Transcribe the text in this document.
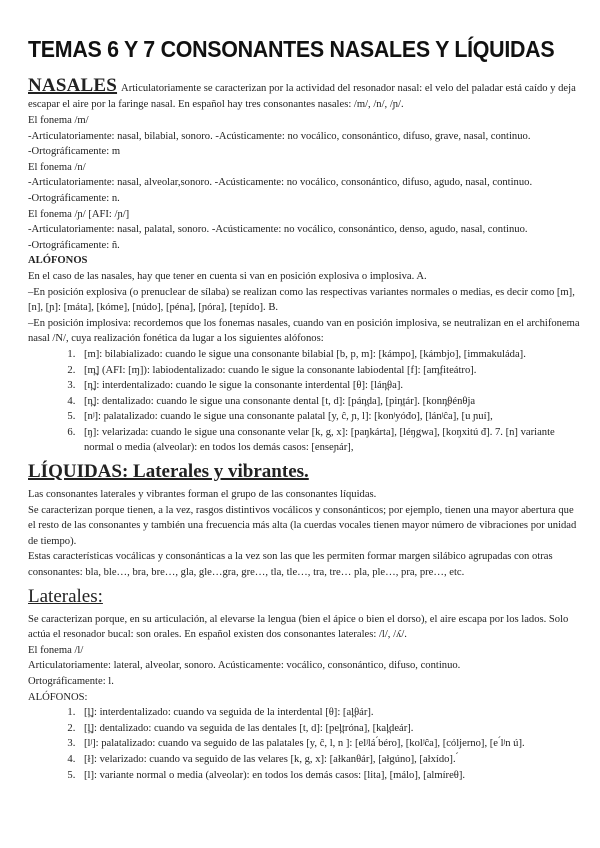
TEMAS 6 Y 7 CONSONANTES NASALES Y LÍQUIDAS

NASALES Articulatoriamente se caracterizan por la actividad del resonador nasal: el velo del paladar está caído y deja escapar el aire por la faringe nasal. En español hay tres consonantes nasales: /m/, /n/, /ɲ/.

El fonema /m/

-Articulatoriamente: nasal, bilabial, sonoro. -Acústicamente: no vocálico, consonántico, difuso, grave, nasal, continuo.

-Ortográficamente: m

El fonema /n/

-Articulatoriamente: nasal, alveolar,sonoro. -Acústicamente: no vocálico, consonántico, difuso, agudo, nasal, continuo.

-Ortográficamente: n.

El fonema /ɲ/ [AFI: /ɲ/]

-Articulatoriamente: nasal, palatal, sonoro. -Acústicamente: no vocálico, consonántico, denso, agudo, nasal, continuo.

-Ortográficamente: ñ.

ALÓFONOS

En el caso de las nasales, hay que tener en cuenta si van en posición explosiva o implosiva. A.

–En posición explosiva (o prenuclear de sílaba) se realizan como las respectivas variantes normales o medias, es decir como [m], [n], [ɲ]: [máta], [kóme], [núdo], [péna], [ɲóra], [teɲído]. B.

–En posición implosiva: recordemos que los fonemas nasales, cuando van en posición implosiva, se neutralizan en el archifonema nasal /N/, cuya realización fonética da lugar a los siguientes alófonos:

1. [m]: bilabializado: cuando le sigue una consonante bilabial [b, p, m]: [kámpo], [kámbjo], [immakuláda].
2. [m̪] (AFI: [ɱ]): labiodentalizado: cuando le sigue la consonante labiodental [f]: [am̪fiteátro].
3. [n̪]: interdentalizado: cuando le sigue la consonante interdental [θ]: [lán̪θa].
4. [n̪]: dentalizado: cuando le sigue una consonante dental [t, d]: [pán̪da], [pin̪tár]. [konn̪θénθja
5. [nʲ]: palatalizado: cuando le sigue una consonante palatal [y, ĉ, ɲ, l]: [konʲyóđo], [lánʲĉa], [u ɲuí],
6. [ŋ]: velarizada: cuando le sigue una consonante velar [k, g, x]: [paŋkárta], [léŋgwa], [koŋxitú đ]. 7. [n] variante normal o media (alveolar): en todos los demás casos: [enseɲár],

LÍQUIDAS: Laterales y vibrantes.

Las consonantes laterales y vibrantes forman el grupo de las consonantes líquidas.

Se caracterizan porque tienen, a la vez, rasgos distintivos vocálicos y consonánticos; por ejemplo, tienen una mayor abertura que el resto de las consonantes y también una frecuencia más alta (la cuerdas vocales tienen mayor número de vibraciones por unidad de tiempo).

Estas características vocálicas y consonánticas a la vez son las que les permiten formar margen silábico agrupadas con otras consonantes: bla, ble…, bra, bre…, gla, gle…gra, gre…, tla, tle…, tra, tre… pla, ple…, pra, pre…, etc.

Laterales:

Se caracterizan porque, en su articulación, al elevarse la lengua (bien el ápice o bien el dorso), el aire escapa por los lados. Solo actúa el resonador bucal: son orales. En español existen dos consonantes laterales: /l/, /ʎ/.

El fonema /l/

Articulatoriamente: lateral, alveolar, sonoro. Acústicamente: vocálico, consonántico, difuso, continuo.

Ortográficamente: l.

ALÓFONOS:

1. [l̪]: interdentalizado: cuando va seguida de la interdental [θ]: [al̪θár].
2. [l̪]: dentalizado: cuando va seguida de las dentales [t, d]: [pel̪tróna], [kal̪deár].
3. [lʲ]: palatalizado: cuando va seguido de las palatales [y, ĉ, l, n ]: [elʲlá ́béro], [kolʲĉa], [cóljerno], [e ́lʲn ú].
4. [ł]: velarizado: cuando va seguido de las velares [k, g, x]: [ałkanθár], [ałgúno], [ałxído]. ́
5. [l]: variante normal o media (alveolar): en todos los demás casos: [lita], [málo], [almíreθ].
